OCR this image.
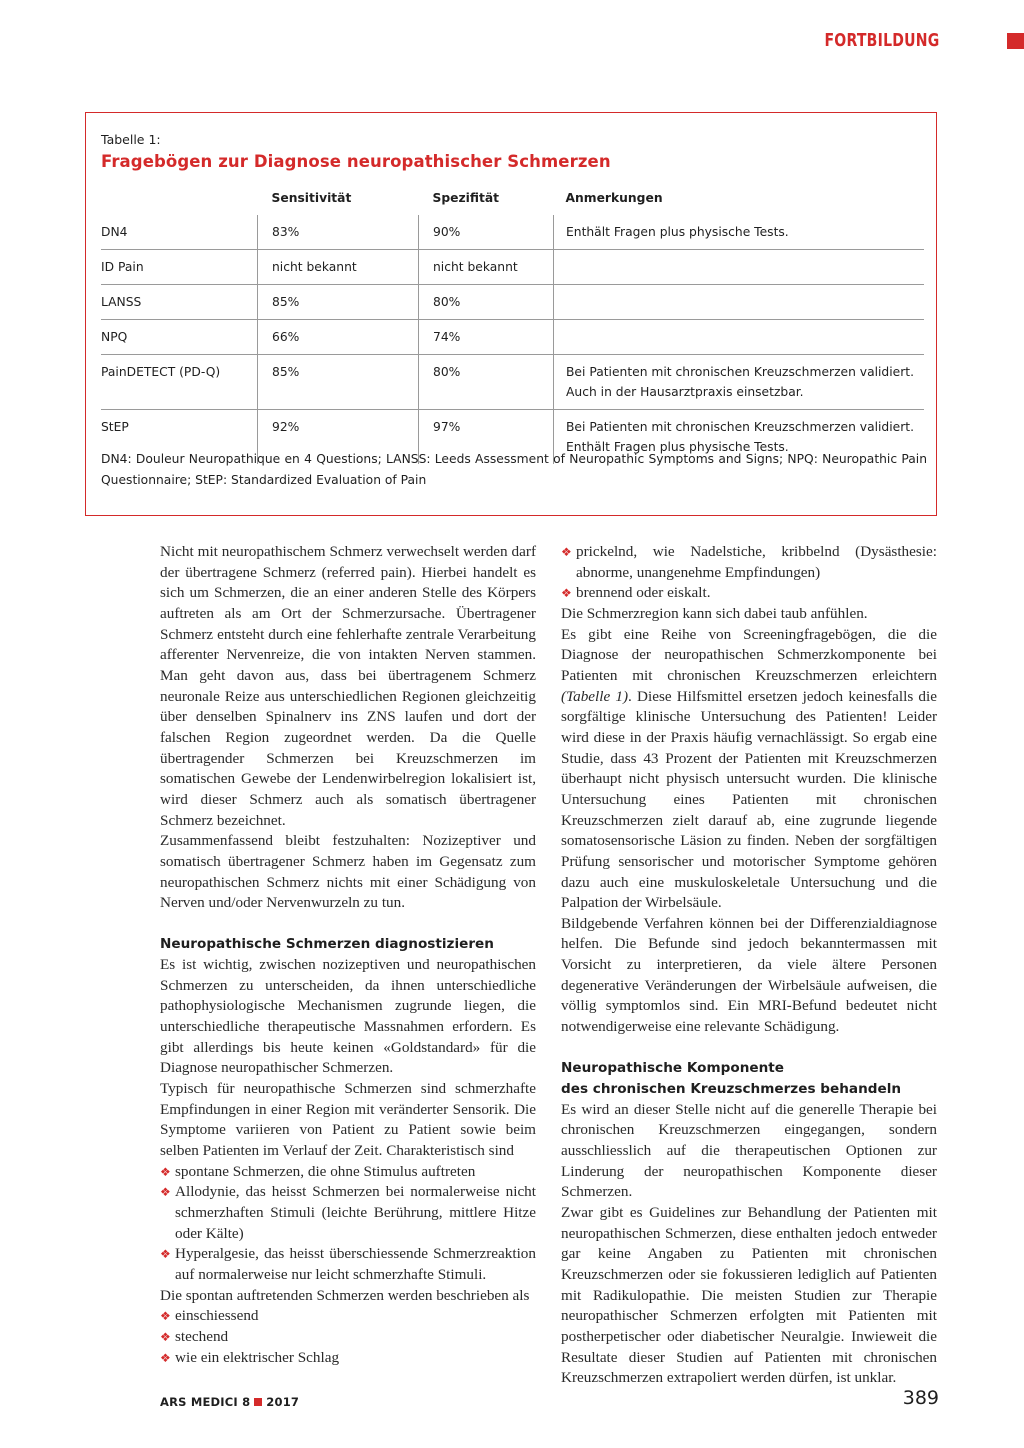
FORTBILDUNG
Tabelle 1:
Fragebögen zur Diagnose neuropathischer Schmerzen
	Sensitivität	Spezifität	Anmerkungen
DN4	83%	90%	Enthält Fragen plus physische Tests.

ID Pain	nicht bekannt	nicht bekannt	
LANSS	85%	80%	
NPQ	66%	74%	
PainDETECT (PD-Q)	85%	80%	Bei Patienten mit chronischen Kreuzschmerzen validiert.
Auch in der Hausarztpraxis einsetzbar.

StEP	92%	97%	Bei Patienten mit chronischen Kreuzschmerzen validiert.
Enthält Fragen plus physische Tests.
DN4: Douleur Neuropathique en 4 Questions; LANSS: Leeds Assessment of Neuropathic Symptoms and Signs; NPQ: Neuropathic Pain Questionnaire; StEP: Standardized Evaluation of Pain

Nicht mit neuropathischem Schmerz verwechselt werden darf der übertragene Schmerz (referred pain). Hierbei handelt es sich um Schmerzen, die an einer anderen Stelle des Körpers auftreten als am Ort der Schmerzursache. Übertragener Schmerz entsteht durch eine fehlerhafte zentrale Verarbeitung afferenter Nervenreize, die von intakten Nerven stammen. Man geht davon aus, dass bei übertragenem Schmerz neuronale Reize aus unterschiedlichen Regionen gleichzeitig über denselben Spinalnerv ins ZNS laufen und dort der falschen Region zugeordnet werden. Da die Quelle übertragender Schmerzen bei Kreuzschmerzen im somatischen Gewebe der Lendenwirbelregion lokalisiert ist, wird dieser Schmerz auch als somatisch übertragener Schmerz bezeichnet.

Zusammenfassend bleibt festzuhalten: Nozizeptiver und somatisch übertragener Schmerz haben im Gegensatz zum neuropathischen Schmerz nichts mit einer Schädigung von Nerven und/oder Nervenwurzeln zu tun.

Neuropathische Schmerzen diagnostizieren

Es ist wichtig, zwischen nozizeptiven und neuropathischen Schmerzen zu unterscheiden, da ihnen unterschiedliche pathophysiologische Mechanismen zugrunde liegen, die unterschiedliche therapeutische Massnahmen erfordern. Es gibt allerdings bis heute keinen «Goldstandard» für die Diagnose neuropathischer Schmerzen.

Typisch für neuropathische Schmerzen sind schmerzhafte Empfindungen in einer Region mit veränderter Sensorik. Die Symptome variieren von Patient zu Patient sowie beim selben Patienten im Verlauf der Zeit. Charakteristisch sind

❖ spontane Schmerzen, die ohne Stimulus auftreten
❖ Allodynie, das heisst Schmerzen bei normalerweise nicht schmerzhaften Stimuli (leichte Berührung, mittlere Hitze oder Kälte)
❖ Hyperalgesie, das heisst überschiessende Schmerzreaktion auf normalerweise nur leicht schmerzhafte Stimuli.

Die spontan auftretenden Schmerzen werden beschrieben als

❖ einschiessend
❖ stechend
❖ wie ein elektrischer Schlag
❖ prickelnd, wie Nadelstiche, kribbelnd (Dysästhesie: abnorme, unangenehme Empfindungen)
❖ brennend oder eiskalt.

Die Schmerzregion kann sich dabei taub anfühlen.

Es gibt eine Reihe von Screeningfragebögen, die die Diagnose der neuropathischen Schmerzkomponente bei Patienten mit chronischen Kreuzschmerzen erleichtern (Tabelle 1). Diese Hilfsmittel ersetzen jedoch keinesfalls die sorgfältige klinische Untersuchung des Patienten! Leider wird diese in der Praxis häufig vernachlässigt. So ergab eine Studie, dass 43 Prozent der Patienten mit Kreuzschmerzen überhaupt nicht physisch untersucht wurden. Die klinische Untersuchung eines Patienten mit chronischen Kreuzschmerzen zielt darauf ab, eine zugrunde liegende somatosensorische Läsion zu finden. Neben der sorgfältigen Prüfung sensorischer und motorischer Symptome gehören dazu auch eine muskuloskeletale Untersuchung und die Palpation der Wirbelsäule.

Bildgebende Verfahren können bei der Differenzialdiagnose helfen. Die Befunde sind jedoch bekanntermassen mit Vorsicht zu interpretieren, da viele ältere Personen degenerative Veränderungen der Wirbelsäule aufweisen, die völlig symptomlos sind. Ein MRI-Befund bedeutet nicht notwendigerweise eine relevante Schädigung.

Neuropathische Komponente
des chronischen Kreuzschmerzes behandeln

Es wird an dieser Stelle nicht auf die generelle Therapie bei chronischen Kreuzschmerzen eingegangen, sondern ausschliesslich auf die therapeutischen Optionen zur Linderung der neuropathischen Komponente dieser Schmerzen.

Zwar gibt es Guidelines zur Behandlung der Patienten mit neuropathischen Schmerzen, diese enthalten jedoch entweder gar keine Angaben zu Patienten mit chronischen Kreuzschmerzen oder sie fokussieren lediglich auf Patienten mit Radikulopathie. Die meisten Studien zur Therapie neuropathischer Schmerzen erfolgten mit Patienten mit postherpetischer oder diabetischer Neuralgie. Inwieweit die Resultate dieser Studien auf Patienten mit chronischen Kreuzschmerzen extrapoliert werden dürfen, ist unklar.

ARS MEDICI 8 2017	389
